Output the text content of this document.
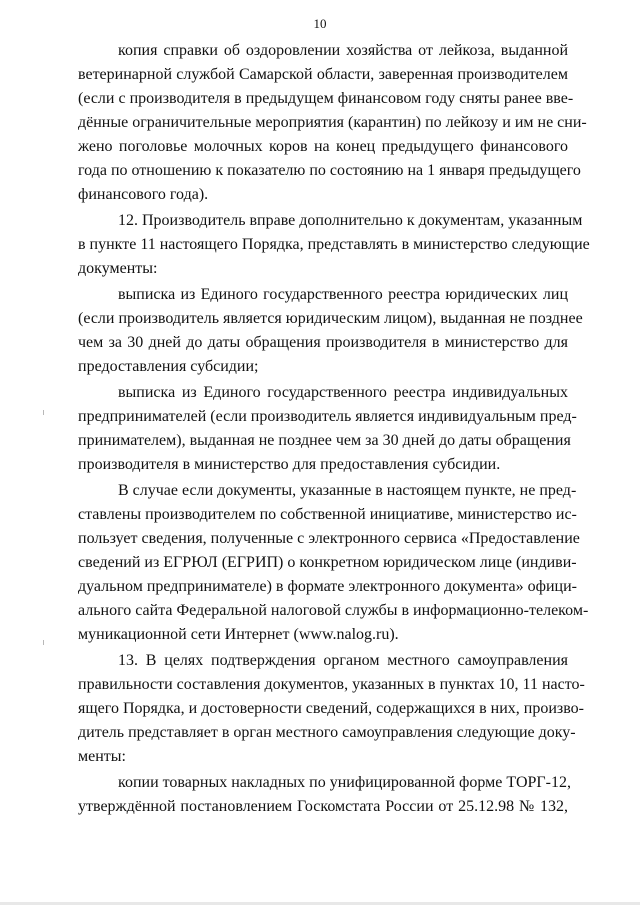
10
копия справки об оздоровлении хозяйства от лейкоза, выданной
ветеринарной службой Самарской области, заверенная производителем
(если с производителя в предыдущем финансовом году сняты ранее вве-
дённые ограничительные мероприятия (карантин) по лейкозу и им не сни-
жено поголовье молочных коров на конец предыдущего финансового
года по отношению к показателю по состоянию на 1 января предыдущего
финансового года).
12. Производитель вправе дополнительно к документам, указанным
в пункте 11 настоящего Порядка, представлять в министерство следующие
документы:
выписка из Единого государственного реестра юридических лиц
(если производитель является юридическим лицом), выданная не позднее
чем за 30 дней до даты обращения производителя в министерство для
предоставления субсидии;
выписка из Единого государственного реестра индивидуальных
предпринимателей (если производитель является индивидуальным пред-
принимателем), выданная не позднее чем за 30 дней до даты обращения
производителя в министерство для предоставления субсидии.
В случае если документы, указанные в настоящем пункте, не пред-
ставлены производителем по собственной инициативе, министерство ис-
пользует сведения, полученные с электронного сервиса «Предоставление
сведений из ЕГРЮЛ (ЕГРИП) о конкретном юридическом лице (индиви-
дуальном предпринимателе) в формате электронного документа» офици-
ального сайта Федеральной налоговой службы в информационно-телеком-
муникационной сети Интернет (www.nalog.ru).
13. В целях подтверждения органом местного самоуправления
правильности составления документов, указанных в пунктах 10, 11 насто-
ящего Порядка, и достоверности сведений, содержащихся в них, произво-
дитель представляет в орган местного самоуправления следующие доку-
менты:
копии товарных накладных по унифицированной форме ТОРГ-12,
утверждённой постановлением Госкомстата России от 25.12.98 № 132,
